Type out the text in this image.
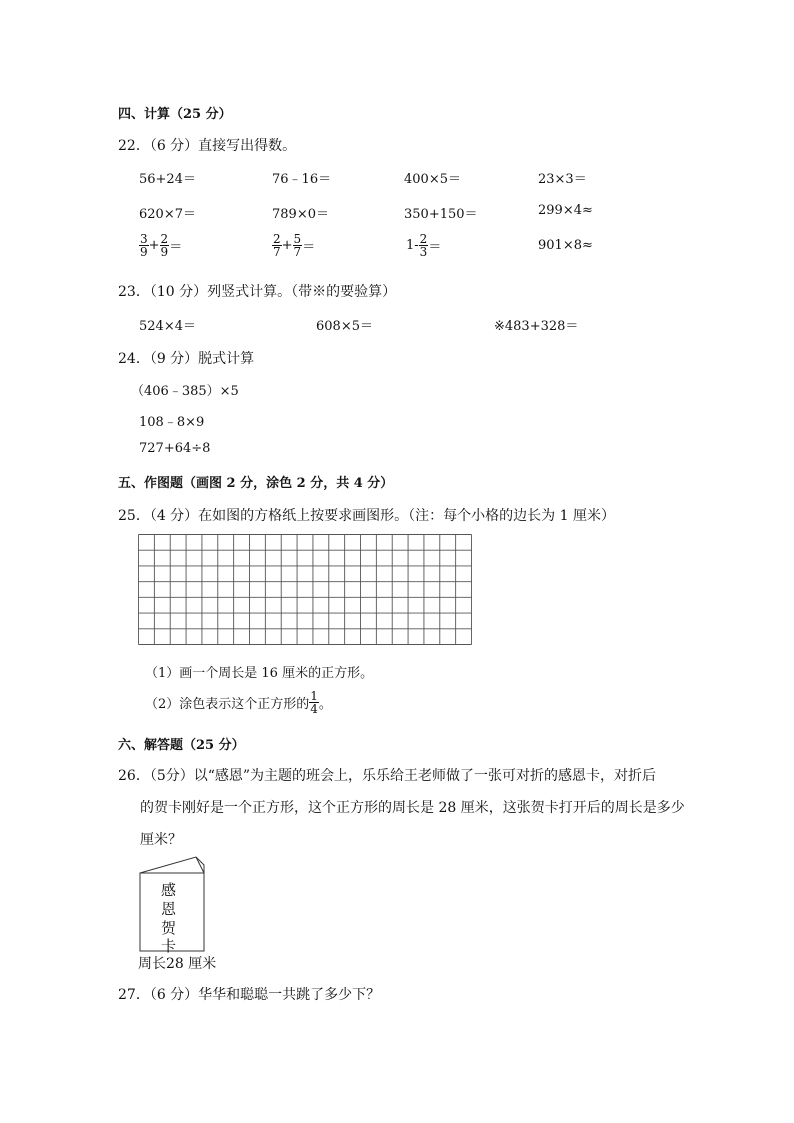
四、计算（25 分）
22．（6 分）直接写出得数。
56+24＝	76﹣16＝	400×5＝	23×3＝
620×7＝	789×0＝	350+150＝	299×4≈
$\frac{3}{9} + \frac{2}{9}$ ＝	$\frac{2}{7} + \frac{5}{7}$ ＝	$1- \frac{2}{3}$ ＝	901×8≈
23．（10 分）列竖式计算。（带※的要验算）
524×4＝	608×5＝	※483+328＝
24．（9 分）脱式计算
（406﹣385）×5
108﹣8×9
727+64÷8
五、作图题（画图 2 分，涂色 2 分，共 4 分）
25．（4 分）在如图的方格纸上按要求画图形。（注：每个小格的边长为 1 厘米）
（1）画一个周长是 16 厘米的正方形。
（2）涂色表示这个正方形的 $\frac{1}{4}$ 。
六、解答题（25 分）
26．（5分）以“感恩”为主题的班会上，乐乐给王老师做了一张可对折的感恩卡，对折后
的贺卡刚好是一个正方形，这个正方形的周长是 28 厘米，这张贺卡打开后的周长是多少
厘米？
感
恩
贺
卡
周长28 厘米
27．（6 分）华华和聪聪一共跳了多少下？
